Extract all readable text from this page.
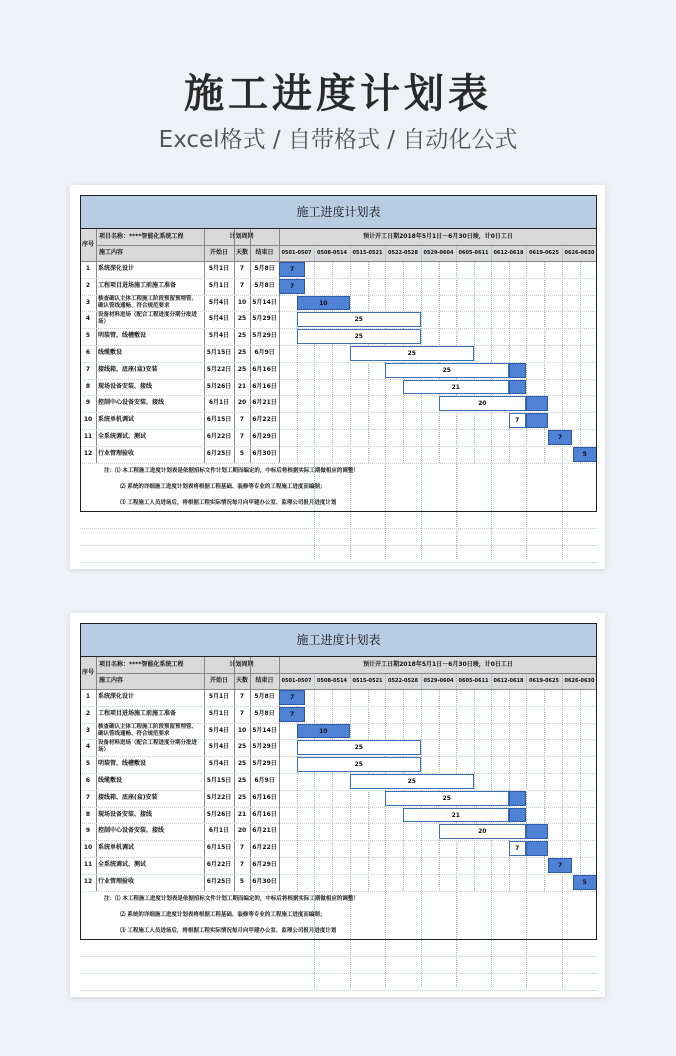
施工进度计划表
Excel格式 / 自带格式 / 自动化公式
施工进度计划表
序号
项目名称：****智能化系统工程	计划周期	预计开工日期2018年5月1日－6月30日竣，计0日工日
施工内容	开始日	天数	结束日	0501-0507	0508-0514	0515-0521	0522-0528	0529-0604	0605-0611	0612-0618	0619-0625	0626-0630
1	系统深化设计	5月1日	7	5月8日	7
2	工程项目进场施工前施工准备	5月1日	7	5月8日	7
3	核查确认主体工程施工阶段预留预埋管、确认管线通畅、符合规范要求	5月4日	10	5月14日	10
4	设备材料进场（配合工程进度分期分批进场）	5月4日	25	5月29日	25
5	明装管、线槽敷设	5月4日	25	5月29日	25
6	线缆敷设	5月15日	25	6月9日	25
7	接线箱、底座(盒)安装	5月22日	25	6月16日	25
8	现场设备安装、接线	5月26日	21	6月16日	21
9	控制中心设备安装、接线	6月1日	20	6月21日	20
10 系统单机调试	6月15日	7	6月22日	7
11 全系统调试、测试	6月22日	7	6月29日	7
12 行业管理验收	6月25日	5	6月30日	5
注：⑴ 本工程施工进度计划表是依据招标文件计划工期而编定的，中标后将根据实际工期做相应的调整！
⑵ 系统的详细施工进度计划表将根据工程基础、装修等专业的工程施工进度而编制；
⑶ 工程施工人员进场后，将根据工程实际情况每月向甲建办公室、监理公司报月进度计划
施工进度计划表
序号
项目名称：****智能化系统工程	计划周期	预计开工日期2018年5月1日－6月30日竣，计0日工日
施工内容	开始日	天数	结束日	0501-0507	0508-0514	0515-0521	0522-0528	0529-0604	0605-0611	0612-0618	0619-0625	0626-0630
1	系统深化设计	5月1日	7	5月8日	7
2	工程项目进场施工前施工准备	5月1日	7	5月8日	7
3	核查确认主体工程施工阶段预留预埋管、确认管线通畅、符合规范要求	5月4日	10	5月14日	10
4	设备材料进场（配合工程进度分期分批进场）	5月4日	25	5月29日	25
5	明装管、线槽敷设	5月4日	25	5月29日	25
6	线缆敷设	5月15日	25	6月9日	25
7	接线箱、底座(盒)安装	5月22日	25	6月16日	25
8	现场设备安装、接线	5月26日	21	6月16日	21
9	控制中心设备安装、接线	6月1日	20	6月21日	20
10 系统单机调试	6月15日	7	6月22日	7
11 全系统调试、测试	6月22日	7	6月29日	7
12 行业管理验收	6月25日	5	6月30日	5
注：⑴ 本工程施工进度计划表是依据招标文件计划工期而编定的，中标后将根据实际工期做相应的调整！
⑵ 系统的详细施工进度计划表将根据工程基础、装修等专业的工程施工进度而编制；
⑶ 工程施工人员进场后，将根据工程实际情况每月向甲建办公室、监理公司报月进度计划
